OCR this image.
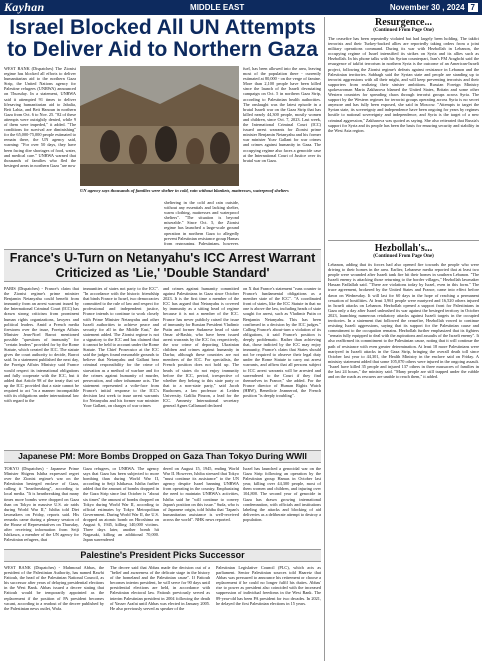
Kayhan	MIDDLE EAST	November 30 , 2024 7
Israel Blocked All UN Attempts to Deliver Aid to Northern Gaza

WEST BANK (Dispatches) The Zionist regime has blocked all efforts to deliver humanitarian aid to the northern Gaza Strip, the United Nations agency for Palestine refugees (UNRWA) announced on Thursday. In a statement, UNRWA said it attempted 91 times to deliver lifesaving humanitarian aid to Jabalia, Beit Lahia, and Beit Hanoun in northern Gaza from Oct. 6 to Nov. 25. "82 of these attempts were outrightly denied, while 9 of them were impeded," it added. "The conditions for survival are diminishing" for the 65,000-75,000 people estimated to remain there, the UN agency said, warning: "For over 50 days, they have been facing dire shortages of food, water, and medical care." UNRWA warned that thousands of families who fled the besieged areas in northern Gaza "are now

UN agency says thousands of families were shelter in cold, rain without blankets, mattresses, waterproof shelters

sheltering in the cold and rain outside, without any essentials and lacking shelter, warm clothing, mattresses and waterproof shelters". "The situation is beyond miserable." Since Oct. 5, the Zionist regime has launched a large-scale ground operation in northern Gaza to allegedly prevent Palestinian resistance group Hamas from regrouping. Palestinians, however,

fuel, has been allowed into the area, leaving most of the population there - currently estimated at 80,000 - on the verge of famine. More than 2,100 people have been killed since the launch of the Israeli devastating campaign on Oct. 5 in northern Gaza Strip, according to Palestinian health authorities. The onslaught was the latest episode in a brutal Israeli war on the Gaza Strip that has killed nearly 44,300 people, mostly women and children, since Oct. 7, 2023. Last week, the International Criminal Court (ICC) issued arrest warrants for Zionist prime minister Benjamin Netanyahu and his former war minister Yoav Gallant for war crimes and crimes against humanity in Gaza. The occupying regime also faces a genocide case at the International Court of Justice over its brutal war on Gaza.

France's U-Turn on Netanyahu's ICC Arrest Warrant Criticized as 'Lie,' 'Double Standard'

PARIS (Dispatches) - France's claim that the Zionist regime's prime minister Benjamin Netanyahu could benefit from immunity from an arrest warrant issued by the International Criminal Court (ICC) has drawn strong criticism from prominent human rights organizations, lawyers and political leaders. Amid a French media firestorm over the issue, Foreign Affairs Minister Jean-Noel Barrot mentioned possible "questions of immunity" for "certain leaders" provided for by the Rome Statute, which created the ICC. The statute gives the court authority to decide, Barrot said. In a statement published the next day, the Foreign Affairs Ministry said France would respect its international obligations and fully cooperate with the ICC, but it added that Article 98 of the treaty that set up the ICC provided that a state cannot be required to act "in a manner incompatible with its obligations under international law with regard to the

immunities of states not party to the ICC". "In accordance with the historic friendship that binds France to Israel, two democracies committed to the rule of law and respect for professional and independent justice, France intends to continue to work closely with Prime Minister Netanyahu and other Israeli authorities to achieve peace and security for all in the Middle East," the statement added. The Zionist regime is not a signatory to the ICC and has claimed that it cannot be held to account under the Rome Statute. The Chief Prosecutor at the ICC said the judges found reasonable grounds to believe that Netanyahu and Gallant bear criminal responsibility for the crime of starvation as a method of warfare and for the crimes against humanity of murder, persecution, and other inhumane acts. The statement represented a volte-face from France's initial response to the ICC's decision last week to issue arrest warrants for Netanyahu and his former war minister Yoav Gallant, on charges of war crimes

and crimes against humanity committed against Palestinians in Gaza since October 2023. It is the first time a member of the ICC has argued that Netanyahu is covered by immunity as a sitting head of regime because it is not a member of the ICC. France has never publicly raised the issue of immunity for Russian President Vladimir Putin and former Sudanese head of state Omar al-Bashir, who have been issued arrest warrants by the ICC for, respectively, the war crime of deporting Ukrainian children and crimes against humanity in Darfur, although these countries are not members of the ICC. For specialists, the French position does not hold up. The heads of states do not enjoy immunity before the ICC, period, irrespective of whether they belong to this state party or that to a non-state party," said Jacob Ruohonen, a law professor at Leiden University. Galilia Pinzon, a lead for the ICC. Amnesty International secretary general Agnes Callamard declared

on X that France's statement "runs counter to France's fundamental obligations as a member state of the ICC". "A coordinated front of states, like the ICC Statute in that no one is above the law, including heads of state sought for arrest, such as Vladimir Putin or Benjamin Netanyahu. This has been confirmed in a decision by the ICC judges." Calling France's about-turn a violation of its obligations, it said France's position is deeply problematic. Rather than achieving that, those indicted by the ICC may enjoy immunity, France's claim that States should not be required to observe their legal duty under the Rome Statute to carry out arrest warrants, and affirm that all persons subject to ICC arrest warrants will be arrested and surrendered to the Court if they find themselves in France," she added. For the France director of Human Rights Watch (HRW), Benedicte Jeannerod, the French position "is deeply troubling".

Japanese PM: More Bombs Dropped on Gaza Than Tokyo During WWII

TOKYO (Dispatches) - Japanese Prime Minister Shigeru Ishiba expressed regret over the Zionist regime's war on the Palestinian besieged enclave of Gaza, calling it "heartbreaking", according to local media. "It is heartbreaking that many times more bombs were dropped on Gaza than on Tokyo in massive U.S. air raids during World War II," Ishiba told Diet lawmakers on Friday, reports said. His remarks came during a plenary session of the House of Representatives on Thursday, after receiving information from Seiji Ishikawa, a member of the UN agency for Palestinian refugees, that

Gaza refugees, or UNRWA. The agency says that Gaza has been subjected to more bombing than during World War II, according to Seiji Ishikawa. Ishiba further added that the amount of bombs dropped in the Gaza Strip since last October is "about six times" the amount of bombs dropped on Tokyo during World War II, according to official estimates by Tokyo Metropolitan Government. During World War II, the U.S. dropped an atomic bomb on Hiroshima on August 6, 1945, killing 140,000 victims. Three days later, another bomb hit Nagasaki, killing an additional 70,000. Japan surrendered

dered on August 15, 1945, ending World War II. However, Ishiba stressed that Tokyo "must continue its assistance" to the UN agency despite Israel banning UNRWA from operating in the country. Emphasizing the need to maintain UNRWA's activities, Ishiba said he "will continue to convey Japan's position on this issue." Suda, who is of Japanese origin, told Ishiba that "Japan's humanitarian assistance is well-received across the world". NHK news reported.

Israel has launched a genocidal war on the Gaza Strip following an operation by the Palestinian group Hamas in October last year, killing over 44,300 people, most of them women and children, and injuring over 104,800. The second year of genocide in Gaza has drawn growing international condemnation, with officials and institutions labeling the attacks and blocking of aid deliveries as a deliberate attempt to destroy a population.

Palestine's President Picks Successor

WEST BANK (Dispatches) - Mahmoud Abbas, the president of the Palestinian Authority, has named Rawhi Fattouh, the head of the Palestinian National Council, as his successor after years of delaying presidential elections in the West Bank. Abbas issued a decree stating that Fattouh would be temporarily appointed as the replacement if the position of PA president becomes vacant, according to a readout of the decree published by the Palestinian news outlet, Wafa.

The decree said that Abbas made the decision out of a "belief and awareness of the delicate stage in the history of the homeland and the Palestinian cause". If Fattouh becomes interim president, he will serve for 90 days until presidential elections are held, in accordance with Palestinian electoral law. Fattouh previously served as interim Palestinian president in 2004 following the death of Yasser Arafat until Abbas was elected in January 2005. He also previously served as speaker of the

Palestinian Legislative Council (PLC), which acts as parliament. Senior Palestinian sources told Haaretz that Abbas was pressured to announce his retirement or choose a replacement if he could no longer fulfil his duties. Abbas' rise to power as president also coincided with the increased suppression of individual freedoms in the West Bank. The 89-year-old has been PA president for two decades. In 2021, he delayed the first Palestinian elections in 15 years.

Resurgence...
(Continued From Page One)

The ceasefire has been repeatedly violated but had largely been holding. The takfiri terrorists and their Turkey-backed allies are reportedly taking orders from a joint military operations command. During its war with Hezbollah in Lebanon, the occupying regime of Israel intensified its strikes on Syria and its allies such as Hezbollah. In his phone talks with his Syrian counterpart, Iran's FM Araghchi said the resurgence of takfiri terrorism in northern Syria is the outcome of an American-Israeli project, following the Zionist regime's defeats against resistance in Lebanon and the Palestinian territories. Sabbagh said the Syrian state and people are standing up to terrorist aggressions with all their might, and will keep preventing terrorists and their supporters from realizing their sinister ambitions. Russian Foreign Ministry spokeswoman Maria Zakharova blamed the United States, Britain and some other Western countries for spreading chaos through terrorist groups across Syria. The support by the Western regimes for terrorist groups operating across Syria is no secret anymore and has fully been exposed, she said in Moscow. "Attempts to target the Syrian state, its sovereignty and independence have been ongoing for years by regimes hostile to national sovereignty and independence, and Syria is the target of a new criminal aggression," Zakharova was quoted as saying. She also reiterated that Russia's support for Syria and its people has been the basis for ensuring security and stability in the West Asia region.

Hezbollah's...
(Continued From Page One)

Lebanon, adding that its forces had also opened fire towards the people who were driving to their homes in the area. Earlier, Lebanese media reported that at least two people were wounded after Israeli tank fire hit their homes in southern Lebanon. "The Israeli enemy is attacking those returning to the border villages," Hezbollah lawmaker Hassan Fadlallah said. "There are violations today by Israel, even in this form." The truce agreement, brokered by the United States and France, came into effect before dawn on Wednesday. It will last for 60 days in the hope of reaching a permanent cessation of hostilities. At least 3,961 people were martyred and 16,520 others injured in Israeli attacks on Lebanon. Hezbollah opened a support front for Palestinians in Gaza only a day after Israel unleashed its war against the besieged territory in October 2023, launching numerous retaliatory attacks against Israeli targets in the occupied territories. In a statement that followed the ceasefire, Hezbollah vowed to continue resisting Israeli aggressions, saying that its support for the Palestinian cause and commitment to the occupation remains. Hezbollah further emphasized that its fighters "remain fully equipped to deal with the aspirations and assaults of the Israeli enemy". It also reaffirmed its commitment to the Palestinian cause, noting that it will continue the path of resistance with even greater determination. At least 18 more Palestinians were martyred in Israeli attacks in the Gaza Strip, bringing the overall death toll since October last year to 44,301, the Health Ministry in the enclave said on Friday. A ministry statement added that some 105,070 others were injured in the ongoing assault. "Israel have killed 35 people and injured 137 others in three massacres of families in the last 24 hours," the ministry said. "Many people are still trapped under the rubble and on the roads as rescuers are unable to reach them," it added.
